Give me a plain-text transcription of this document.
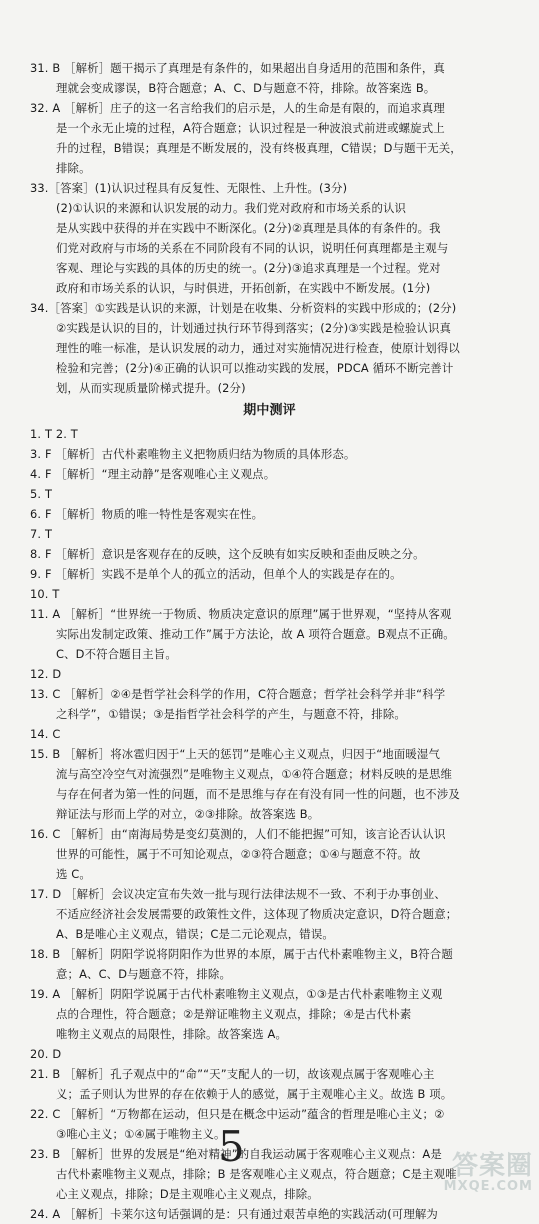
31. B ［解析］题干揭示了真理是有条件的，如果超出自身适用的范围和条件，真
理就会变成谬误，B符合题意；A、C、D与题意不符，排除。故答案选 B。
32. A ［解析］庄子的这一名言给我们的启示是，人的生命是有限的，而追求真理
是一个永无止境的过程，A符合题意；认识过程是一种波浪式前进或螺旋式上
升的过程，B错误；真理是不断发展的，没有终极真理，C错误；D与题干无关，
排除。
33.［答案］(1)认识过程具有反复性、无限性、上升性。(3分)
(2)①认识的来源和认识发展的动力。我们党对政府和市场关系的认识
是从实践中获得的并在实践中不断深化。(2分)②真理是具体的有条件的。我
们党对政府与市场的关系在不同阶段有不同的认识，说明任何真理都是主观与
客观、理论与实践的具体的历史的统一。(2分)③追求真理是一个过程。党对
政府和市场关系的认识，与时俱进，开拓创新，在实践中不断发展。(1分)
34.［答案］①实践是认识的来源，计划是在收集、分析资料的实践中形成的；(2分)
②实践是认识的目的，计划通过执行环节得到落实；(2分)③实践是检验认识真
理性的唯一标准，是认识发展的动力，通过对实施情况进行检查，使原计划得以
检验和完善；(2分)④正确的认识可以推动实践的发展，PDCA 循环不断完善计
划，从而实现质量阶梯式提升。(2分)
期中测评
1. T 2. T
3. F ［解析］古代朴素唯物主义把物质归结为物质的具体形态。
4. F ［解析］“理主动静”是客观唯心主义观点。
5. T
6. F ［解析］物质的唯一特性是客观实在性。
7. T
8. F ［解析］意识是客观存在的反映，这个反映有如实反映和歪曲反映之分。
9. F ［解析］实践不是单个人的孤立的活动，但单个人的实践是存在的。
10. T
11. A ［解析］“世界统一于物质、物质决定意识的原理”属于世界观，“坚持从客观
实际出发制定政策、推动工作”属于方法论，故 A 项符合题意。B观点不正确。
C、D不符合题目主旨。
12. D
13. C ［解析］②④是哲学社会科学的作用，C符合题意；哲学社会科学并非“科学
之科学”，①错误；③是指哲学社会科学的产生，与题意不符，排除。
14. C
15. B ［解析］将冰雹归因于“上天的惩罚”是唯心主义观点，归因于“地面暖湿气
流与高空冷空气对流强烈”是唯物主义观点，①④符合题意；材料反映的是思维
与存在何者为第一性的问题，而不是思维与存在有没有同一性的问题，也不涉及
辩证法与形而上学的对立，②③排除。故答案选 B。
16. C ［解析］由“南海局势是变幻莫测的，人们不能把握”可知，该言论否认认识
世界的可能性，属于不可知论观点，②③符合题意；①④与题意不符。故
选 C。
17. D ［解析］会议决定宣布失效一批与现行法律法规不一致、不利于办事创业、
不适应经济社会发展需要的政策性文件，这体现了物质决定意识，D符合题意；
A、B是唯心主义观点，错误；C是二元论观点，错误。
18. B ［解析］阴阳学说将阴阳作为世界的本原，属于古代朴素唯物主义，B符合题
意；A、C、D与题意不符，排除。
19. A ［解析］阴阳学说属于古代朴素唯物主义观点，①③是古代朴素唯物主义观
点的合理性，符合题意；②是辩证唯物主义观点，排除；④是古代朴素
唯物主义观点的局限性，排除。故答案选 A。
20. D
21. B ［解析］孔子观点中的“命”“天”支配人的一切，故该观点属于客观唯心主
义；孟子则认为世界的存在依赖于人的感觉，属于主观唯心主义。故选 B 项。
22. C ［解析］“万物都在运动，但只是在概念中运动”蕴含的哲理是唯心主义；②
③唯心主义；①④属于唯物主义。
23. B ［解析］世界的发展是“绝对精神”的自我运动属于客观唯心主义观点：A是
古代朴素唯物主义观点，排除；B 是客观唯心主义观点，符合题意；C是主观唯
心主义观点，排除；D是主观唯心主义观点，排除。
24. A ［解析］卡莱尔这句话强调的是：只有通过艰苦卓绝的实践活动(可理解为
5	答案圈
MXQE.COM
